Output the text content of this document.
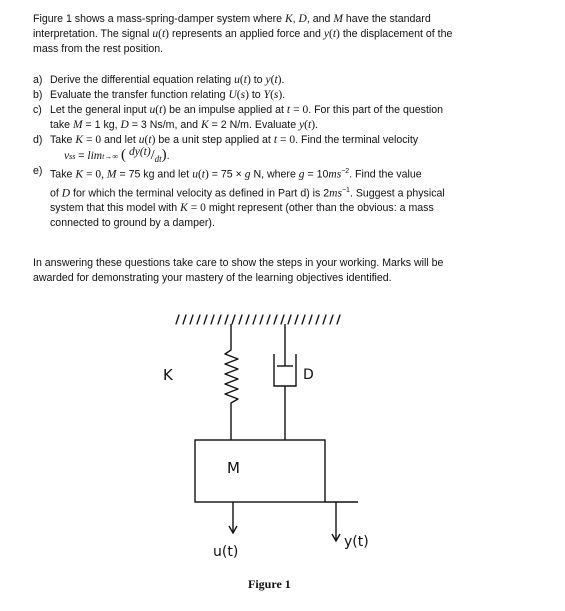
Figure 1 shows a mass-spring-damper system where K, D, and M have the standard

interpretation. The signal u(t) represents an applied force and y(t) the displacement of the

mass from the rest position.

a) Derive the differential equation relating u(t) to y(t).

b) Evaluate the transfer function relating U(s) to Y(s).

c) Let the general input u(t) be an impulse applied at t = 0. For this part of the question

take M = 1 kg, D = 3 Ns/m, and K = 2 N/m. Evaluate y(t).

d) Take K = 0 and let u(t) be a unit step applied at t = 0. Find the terminal velocity

vss = limt→∞ ( $dy(t)/_{dt}$).

e) Take K = 0, M = 75 kg and let u(t) = 75 × g N, where $g = 10ms^{-2}$. Find the value

of D for which the terminal velocity as defined in Part d) is $2ms^{-1}$. Suggest a physical

system that this model with K = 0 might represent (other than the obvious: a mass

connected to ground by a damper).

In answering these questions take care to show the steps in your working. Marks will be

awarded for demonstrating your mastery of the learning objectives identified.

K	D
M
u(t)
y(t)
Figure 1
